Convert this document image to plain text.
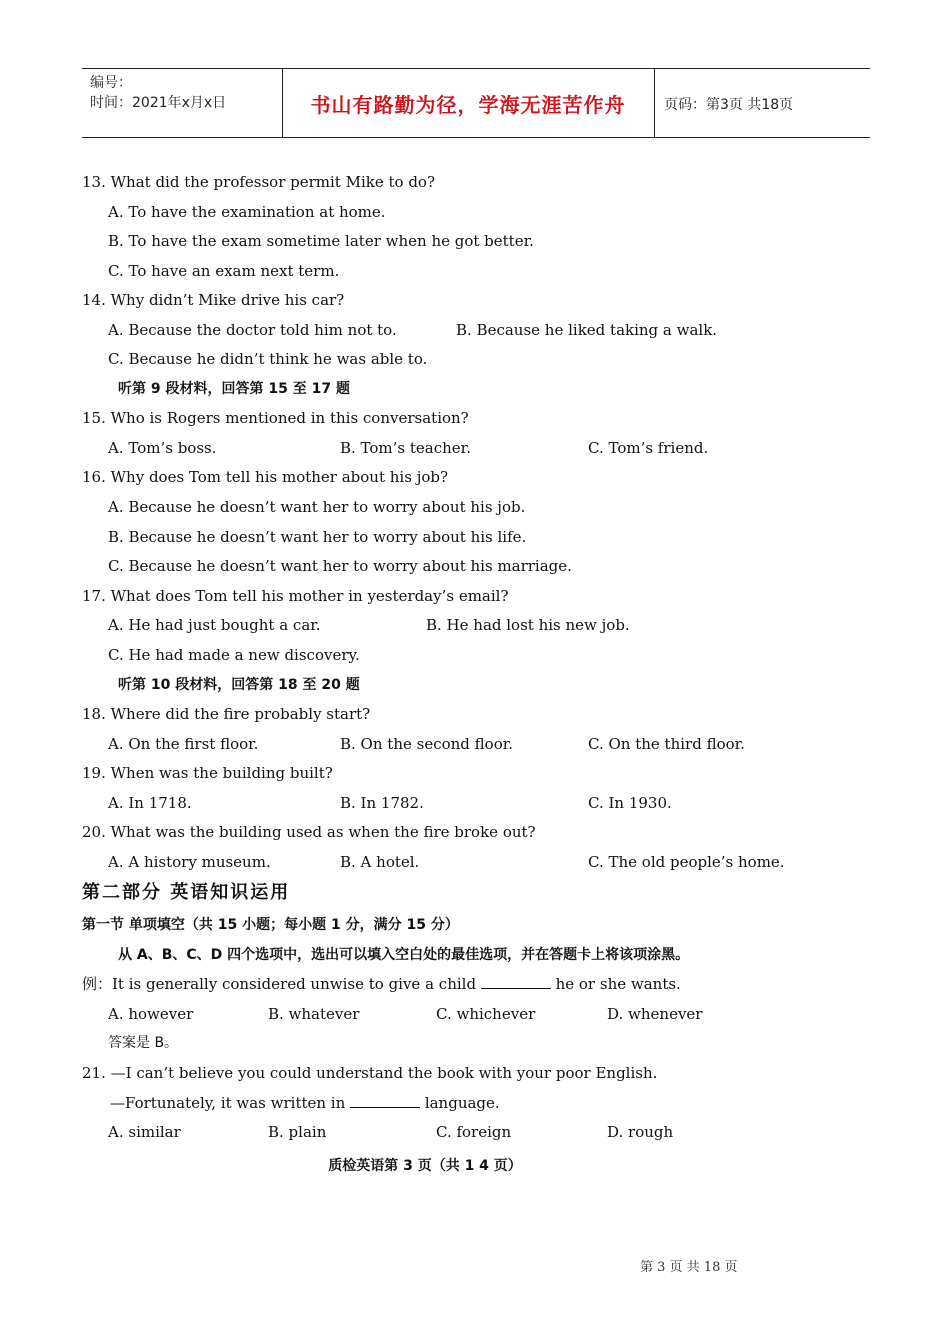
编号：
时间：2021年x月x日	书山有路勤为径，学海无涯苦作舟	页码：第3页 共18页
13. What did the professor permit Mike to do?
A. To have the examination at home.
B. To have the exam sometime later when he got better.
C. To have an exam next term.
14. Why didn’t Mike drive his car?
A. Because the doctor told him not to.	B. Because he liked taking a walk.
C. Because he didn’t think he was able to.
听第 9 段材料，回答第 15 至 17 题
15. Who is Rogers mentioned in this conversation?
A. Tom’s boss.	B. Tom’s teacher.	C. Tom’s friend.
16. Why does Tom tell his mother about his job?
A. Because he doesn’t want her to worry about his job.
B. Because he doesn’t want her to worry about his life.
C. Because he doesn’t want her to worry about his marriage.
17. What does Tom tell his mother in yesterday’s email?
A. He had just bought a car.	B. He had lost his new job.
C. He had made a new discovery.
听第 10 段材料，回答第 18 至 20 题
18. Where did the fire probably start?
A. On the first floor.	B. On the second floor.	C. On the third floor.
19. When was the building built?
A. In 1718.	B. In 1782.	C. In 1930.
20. What was the building used as when the fire broke out?
A. A history museum.	B. A hotel.	C. The old people’s home.
第二部分 英语知识运用
第一节 单项填空（共 15 小题；每小题 1 分，满分 15 分）
从 A、B、C、D 四个选项中，选出可以填入空白处的最佳选项，并在答题卡上将该项涂黑。
例：It is generally considered unwise to give a child	he or she wants.
A. however	B. whatever	C. whichever	D. whenever
答案是 B。
21. —I can’t believe you could understand the book with your poor English.
—Fortunately, it was written in	language.
A. similar	B. plain	C. foreign	D. rough
质检英语第 3 页（共 1 4 页）
第 3 页 共 18 页
